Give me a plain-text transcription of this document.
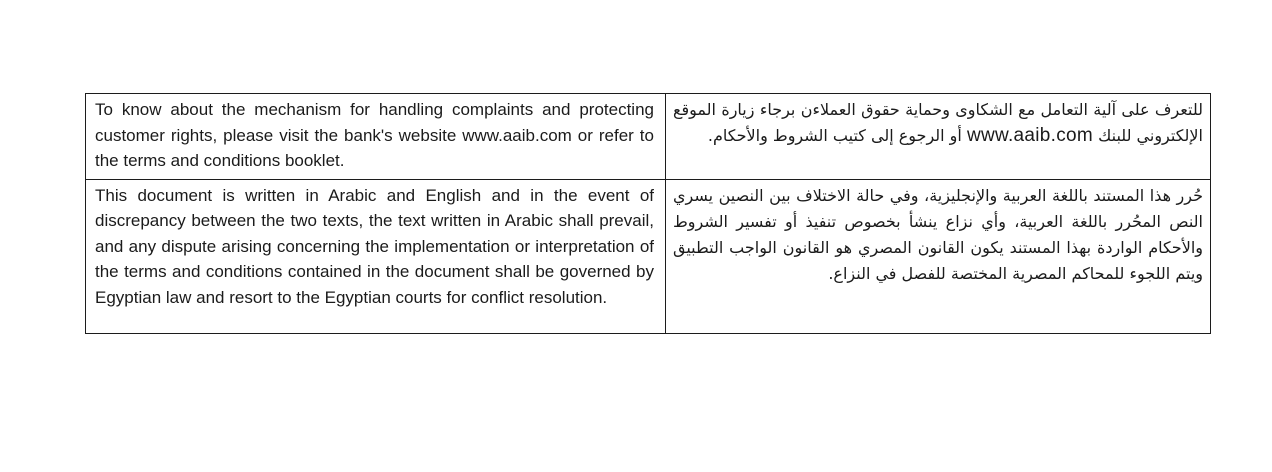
To know about the mechanism for handling complaints and protecting customer rights, please visit the bank's website www.aaib.com or refer to the terms and conditions booklet.	للتعرف على آلية التعامل مع الشكاوى وحماية حقوق العملاءن برجاء زيارة الموقع الإلكتروني للبنك www.aaib.com أو الرجوع إلى كتيب الشروط والأحكام.
This document is written in Arabic and English and in the event of discrepancy between the two texts, the text written in Arabic shall prevail, and any dispute arising concerning the implementation or interpretation of the terms and conditions contained in the document shall be governed by Egyptian law and resort to the Egyptian courts for conflict resolution.	حُرر هذا المستند باللغة العربية والإنجليزية، وفي حالة الاختلاف بين النصين يسري النص المحُرر باللغة العربية، وأي نزاع ينشأ بخصوص تنفيذ أو تفسير الشروط والأحكام الواردة بهذا المستند يكون القانون المصري هو القانون الواجب التطبيق ويتم اللجوء للمحاكم المصرية المختصة للفصل في النزاع.
